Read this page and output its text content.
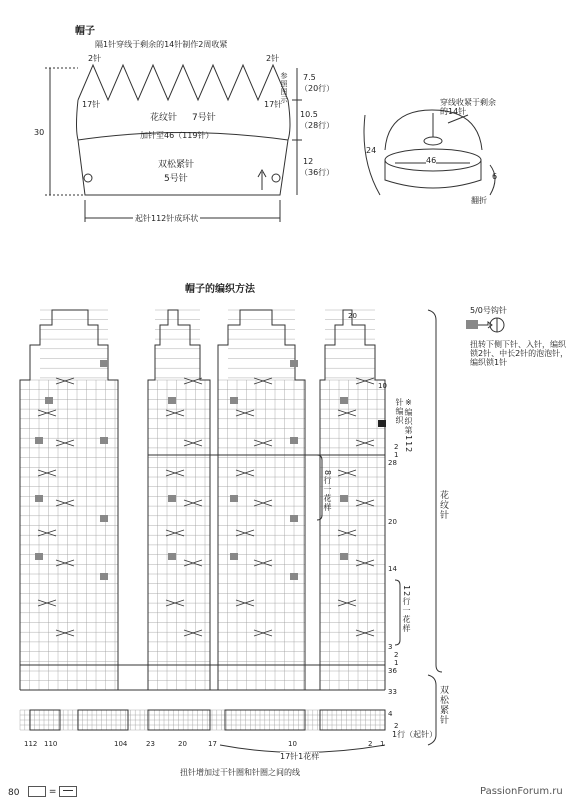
帽子
隔1针穿线于剩余的14针制作2周收紧
2针	2针
17针	17针
参照图示
花纹针 7号针
加针至46（119针）
双松紧针
5号针
起针112针成环状
30
7.5
（20行）
10.5
（28行）
12
（36行）
穿线收紧于剩余的14针
46
24
6
翻折
帽子的编织方法
5/0号钩针
扭转下侧下针、入针，编织锁2针、中长2针的泡泡针，编织锁1针
※编织第112针编织
花纹针
双松紧针
8行一花样
12行一花样
17针1花样
1行（起针）
扭针增加过干针圈和针圈之间的线
20
10
2
1
28
20
14
3
2
1
36
33
4
2
112 110	104	23	20	17	10	2 1
80	=	PassionForum.ru
